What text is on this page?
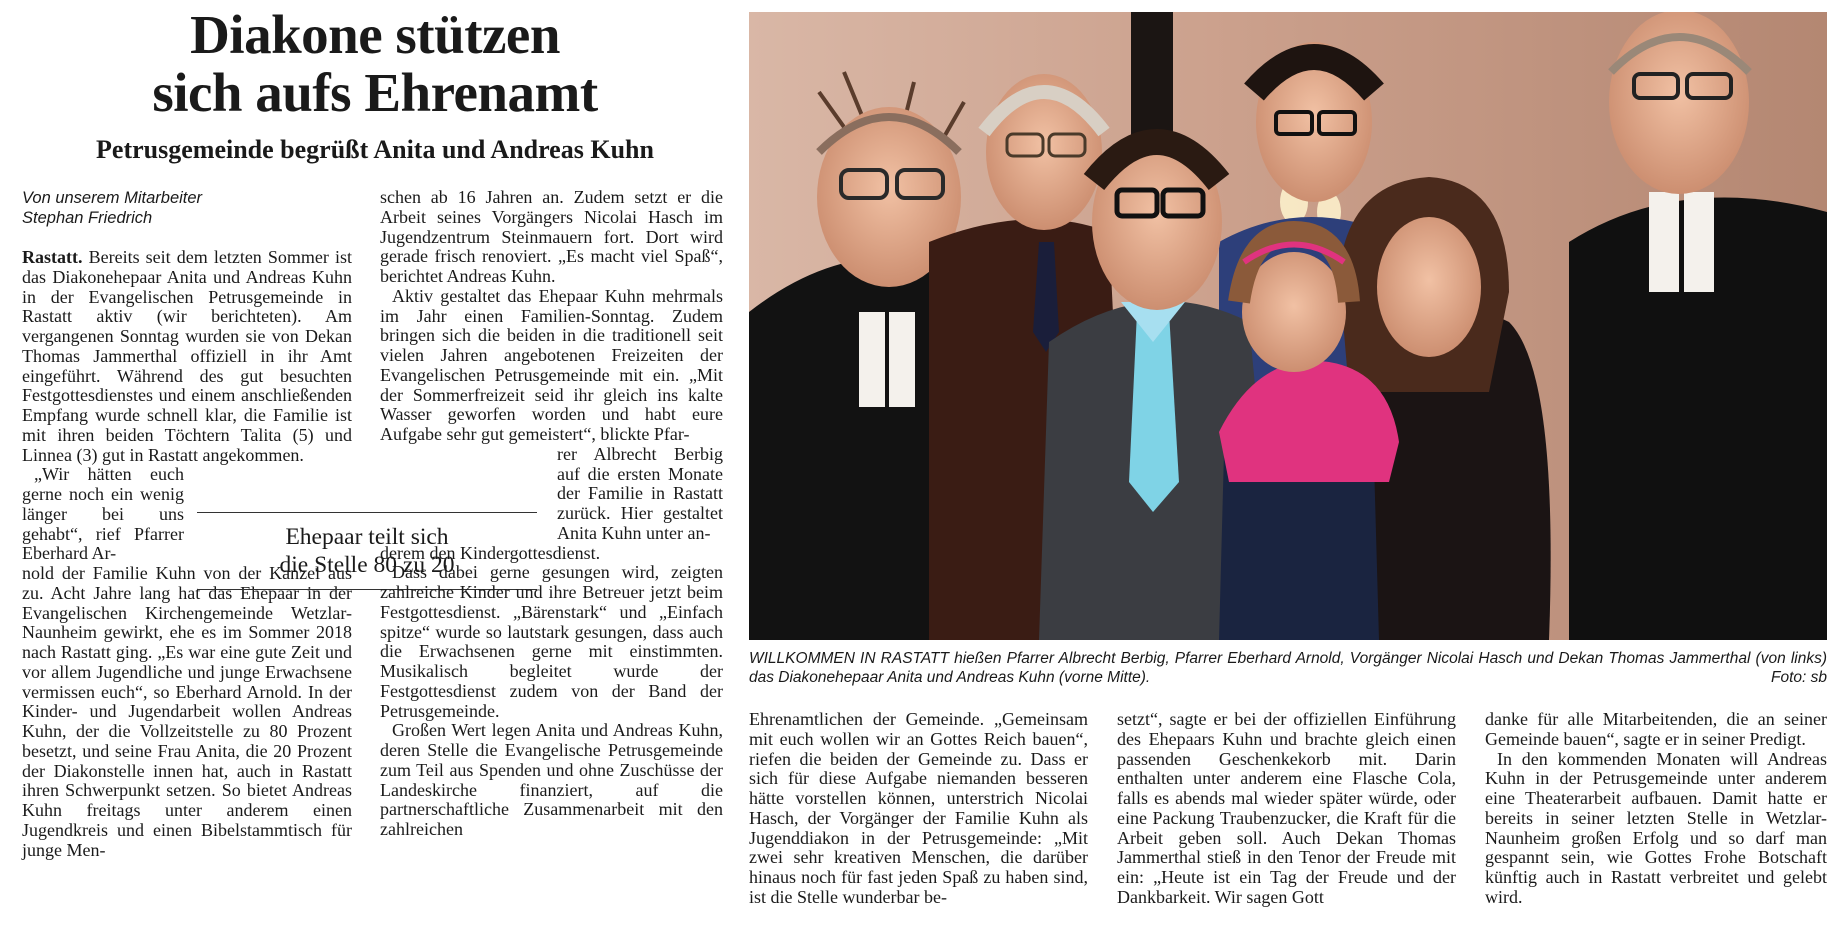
Diakone stützen
sich aufs Ehrenamt
Petrusgemeinde begrüßt Anita und Andreas Kuhn
Von unserem Mitarbeiter
Stephan Friedrich

Rastatt. Bereits seit dem letzten Sommer ist das Diakonehepaar Anita und Andreas Kuhn in der Evangelischen Petrusgemeinde in Rastatt aktiv (wir berichteten). Am vergangenen Sonntag wurden sie von Dekan Thomas Jammerthal offiziell in ihr Amt eingeführt. Während des gut besuchten Festgottesdienstes und einem anschließenden Empfang wurde schnell klar, die Familie ist mit ihren beiden Töchtern Talita (5) und Linnea (3) gut in Rastatt angekommen.

„Wir hätten euch gerne noch ein wenig länger bei uns gehabt“, rief Pfarrer Eberhard Ar-

nold der Familie Kuhn von der Kanzel aus zu. Acht Jahre lang hat das Ehepaar in der Evangelischen Kirchengemeinde Wetzlar-Naunheim gewirkt, ehe es im Sommer 2018 nach Rastatt ging. „Es war eine gute Zeit und vor allem Jugendliche und junge Erwachsene vermissen euch“, so Eberhard Arnold. In der Kinder- und Jugendarbeit wollen Andreas Kuhn, der die Vollzeitstelle zu 80 Prozent besetzt, und seine Frau Anita, die 20 Prozent der Diakonstelle innen hat, auch in Rastatt ihren Schwerpunkt setzen. So bietet Andreas Kuhn freitags unter anderem einen Jugendkreis und einen Bibelstammtisch für junge Men-

Ehepaar teilt sich
die Stelle 80 zu 20

schen ab 16 Jahren an. Zudem setzt er die Arbeit seines Vorgängers Nicolai Hasch im Jugendzentrum Steinmauern fort. Dort wird gerade frisch renoviert. „Es macht viel Spaß“, berichtet Andreas Kuhn.

Aktiv gestaltet das Ehepaar Kuhn mehrmals im Jahr einen Familien-Sonntag. Zudem bringen sich die beiden in die traditionell seit vielen Jahren angebotenen Freizeiten der Evangelischen Petrusgemeinde mit ein. „Mit der Sommerfreizeit seid ihr gleich ins kalte Wasser geworfen worden und habt eure Aufgabe sehr gut gemeistert“, blickte Pfar-

rer Albrecht Berbig auf die ersten Monate der Familie in Rastatt zurück. Hier gestaltet Anita Kuhn unter an-

derem den Kindergottesdienst.

Dass dabei gerne gesungen wird, zeigten zahlreiche Kinder und ihre Betreuer jetzt beim Festgottesdienst. „Bärenstark“ und „Einfach spitze“ wurde so lautstark gesungen, dass auch die Erwachsenen gerne mit einstimmten. Musikalisch begleitet wurde der Festgottesdienst zudem von der Band der Petrusgemeinde.

Großen Wert legen Anita und Andreas Kuhn, deren Stelle die Evangelische Petrusgemeinde zum Teil aus Spenden und ohne Zuschüsse der Landeskirche finanziert, auf die partnerschaftliche Zusammenarbeit mit den zahlreichen

WILLKOMMEN IN RASTATT hießen Pfarrer Albrecht Berbig, Pfarrer Eberhard Arnold, Vorgänger Nicolai Hasch und Dekan Thomas Jammerthal (von links) das Diakonehepaar Anita und Andreas Kuhn (vorne Mitte).	Foto: sb

Ehrenamtlichen der Gemeinde. „Gemeinsam mit euch wollen wir an Gottes Reich bauen“, riefen die beiden der Gemeinde zu. Dass er sich für diese Aufgabe niemanden besseren hätte vorstellen können, unterstrich Nicolai Hasch, der Vorgänger der Familie Kuhn als Jugenddiakon in der Petrusgemeinde: „Mit zwei sehr kreativen Menschen, die darüber hinaus noch für fast jeden Spaß zu haben sind, ist die Stelle wunderbar be-

setzt“, sagte er bei der offiziellen Einführung des Ehepaars Kuhn und brachte gleich einen passenden Geschenkekorb mit. Darin enthalten unter anderem eine Flasche Cola, falls es abends mal wieder später würde, oder eine Packung Traubenzucker, die Kraft für die Arbeit geben soll. Auch Dekan Thomas Jammerthal stieß in den Tenor der Freude mit ein: „Heute ist ein Tag der Freude und der Dankbarkeit. Wir sagen Gott

danke für alle Mitarbeitenden, die an seiner Gemeinde bauen“, sagte er in seiner Predigt.

In den kommenden Monaten will Andreas Kuhn in der Petrusgemeinde unter anderem eine Theaterarbeit aufbauen. Damit hatte er bereits in seiner letzten Stelle in Wetzlar-Naunheim großen Erfolg und so darf man gespannt sein, wie Gottes Frohe Botschaft künftig auch in Rastatt verbreitet und gelebt wird.
